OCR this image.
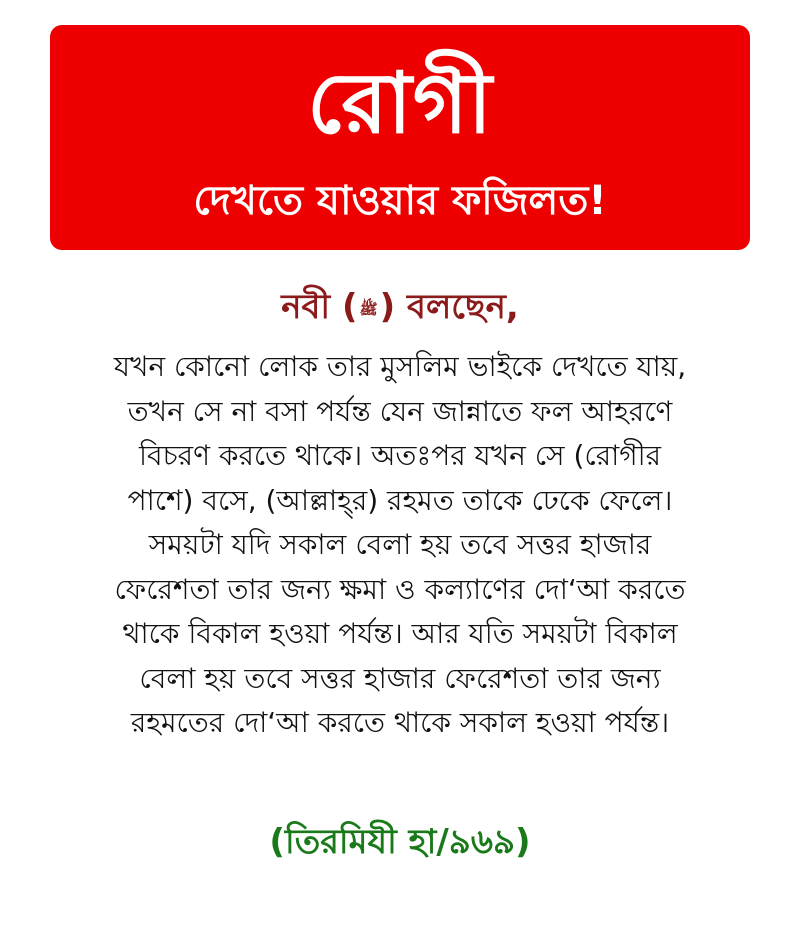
রোগী
দেখতে যাওয়ার ফজিলত!
নবী ( ﷺ) বলছেন,
যখন কোনো লোক তার মুসলিম ভাইকে দেখতে যায়,
তখন সে না বসা পর্যন্ত যেন জান্নাতে ফল আহরণে
বিচরণ করতে থাকে। অতঃপর যখন সে (রোগীর
পাশে) বসে, (আল্লাহ্‌র) রহমত তাকে ঢেকে ফেলে।
সময়টা যদি সকাল বেলা হয় তবে সত্তর হাজার
ফেরেশতা তার জন্য ক্ষমা ও কল্যাণের দো‘আ করতে
থাকে বিকাল হওয়া পর্যন্ত। আর যতি সময়টা বিকাল
বেলা হয় তবে সত্তর হাজার ফেরেশতা তার জন্য
রহমতের দো‘আ করতে থাকে সকাল হওয়া পর্যন্ত।
(তিরমিযী হা/৯৬৯)
